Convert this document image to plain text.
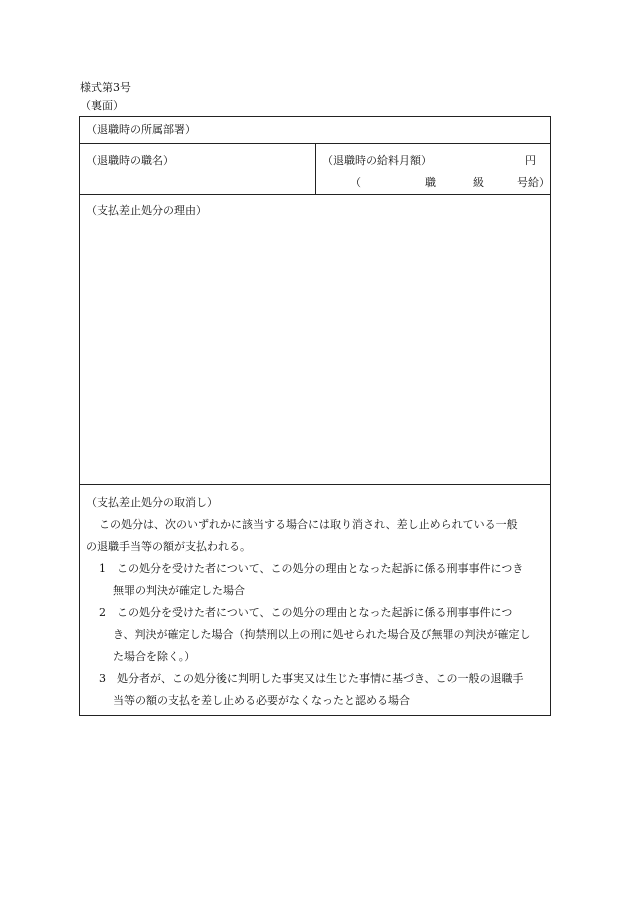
様式第3号
（裏面）
（退職時の所属部署）
（退職時の職名）	（退職時の給料月額）	円
（	職	級	号給）
（支払差止処分の理由）

（支払差止処分の取消し）

この処分は、次のいずれかに該当する場合には取り消され、差し止められている一般

の退職手当等の額が支払われる。

1　この処分を受けた者について、この処分の理由となった起訴に係る刑事事件につき

無罪の判決が確定した場合

2　この処分を受けた者について、この処分の理由となった起訴に係る刑事事件につ

き、判決が確定した場合（拘禁刑以上の刑に処せられた場合及び無罪の判決が確定し

た場合を除く。）

3　処分者が、この処分後に判明した事実又は生じた事情に基づき、この一般の退職手

当等の額の支払を差し止める必要がなくなったと認める場合
